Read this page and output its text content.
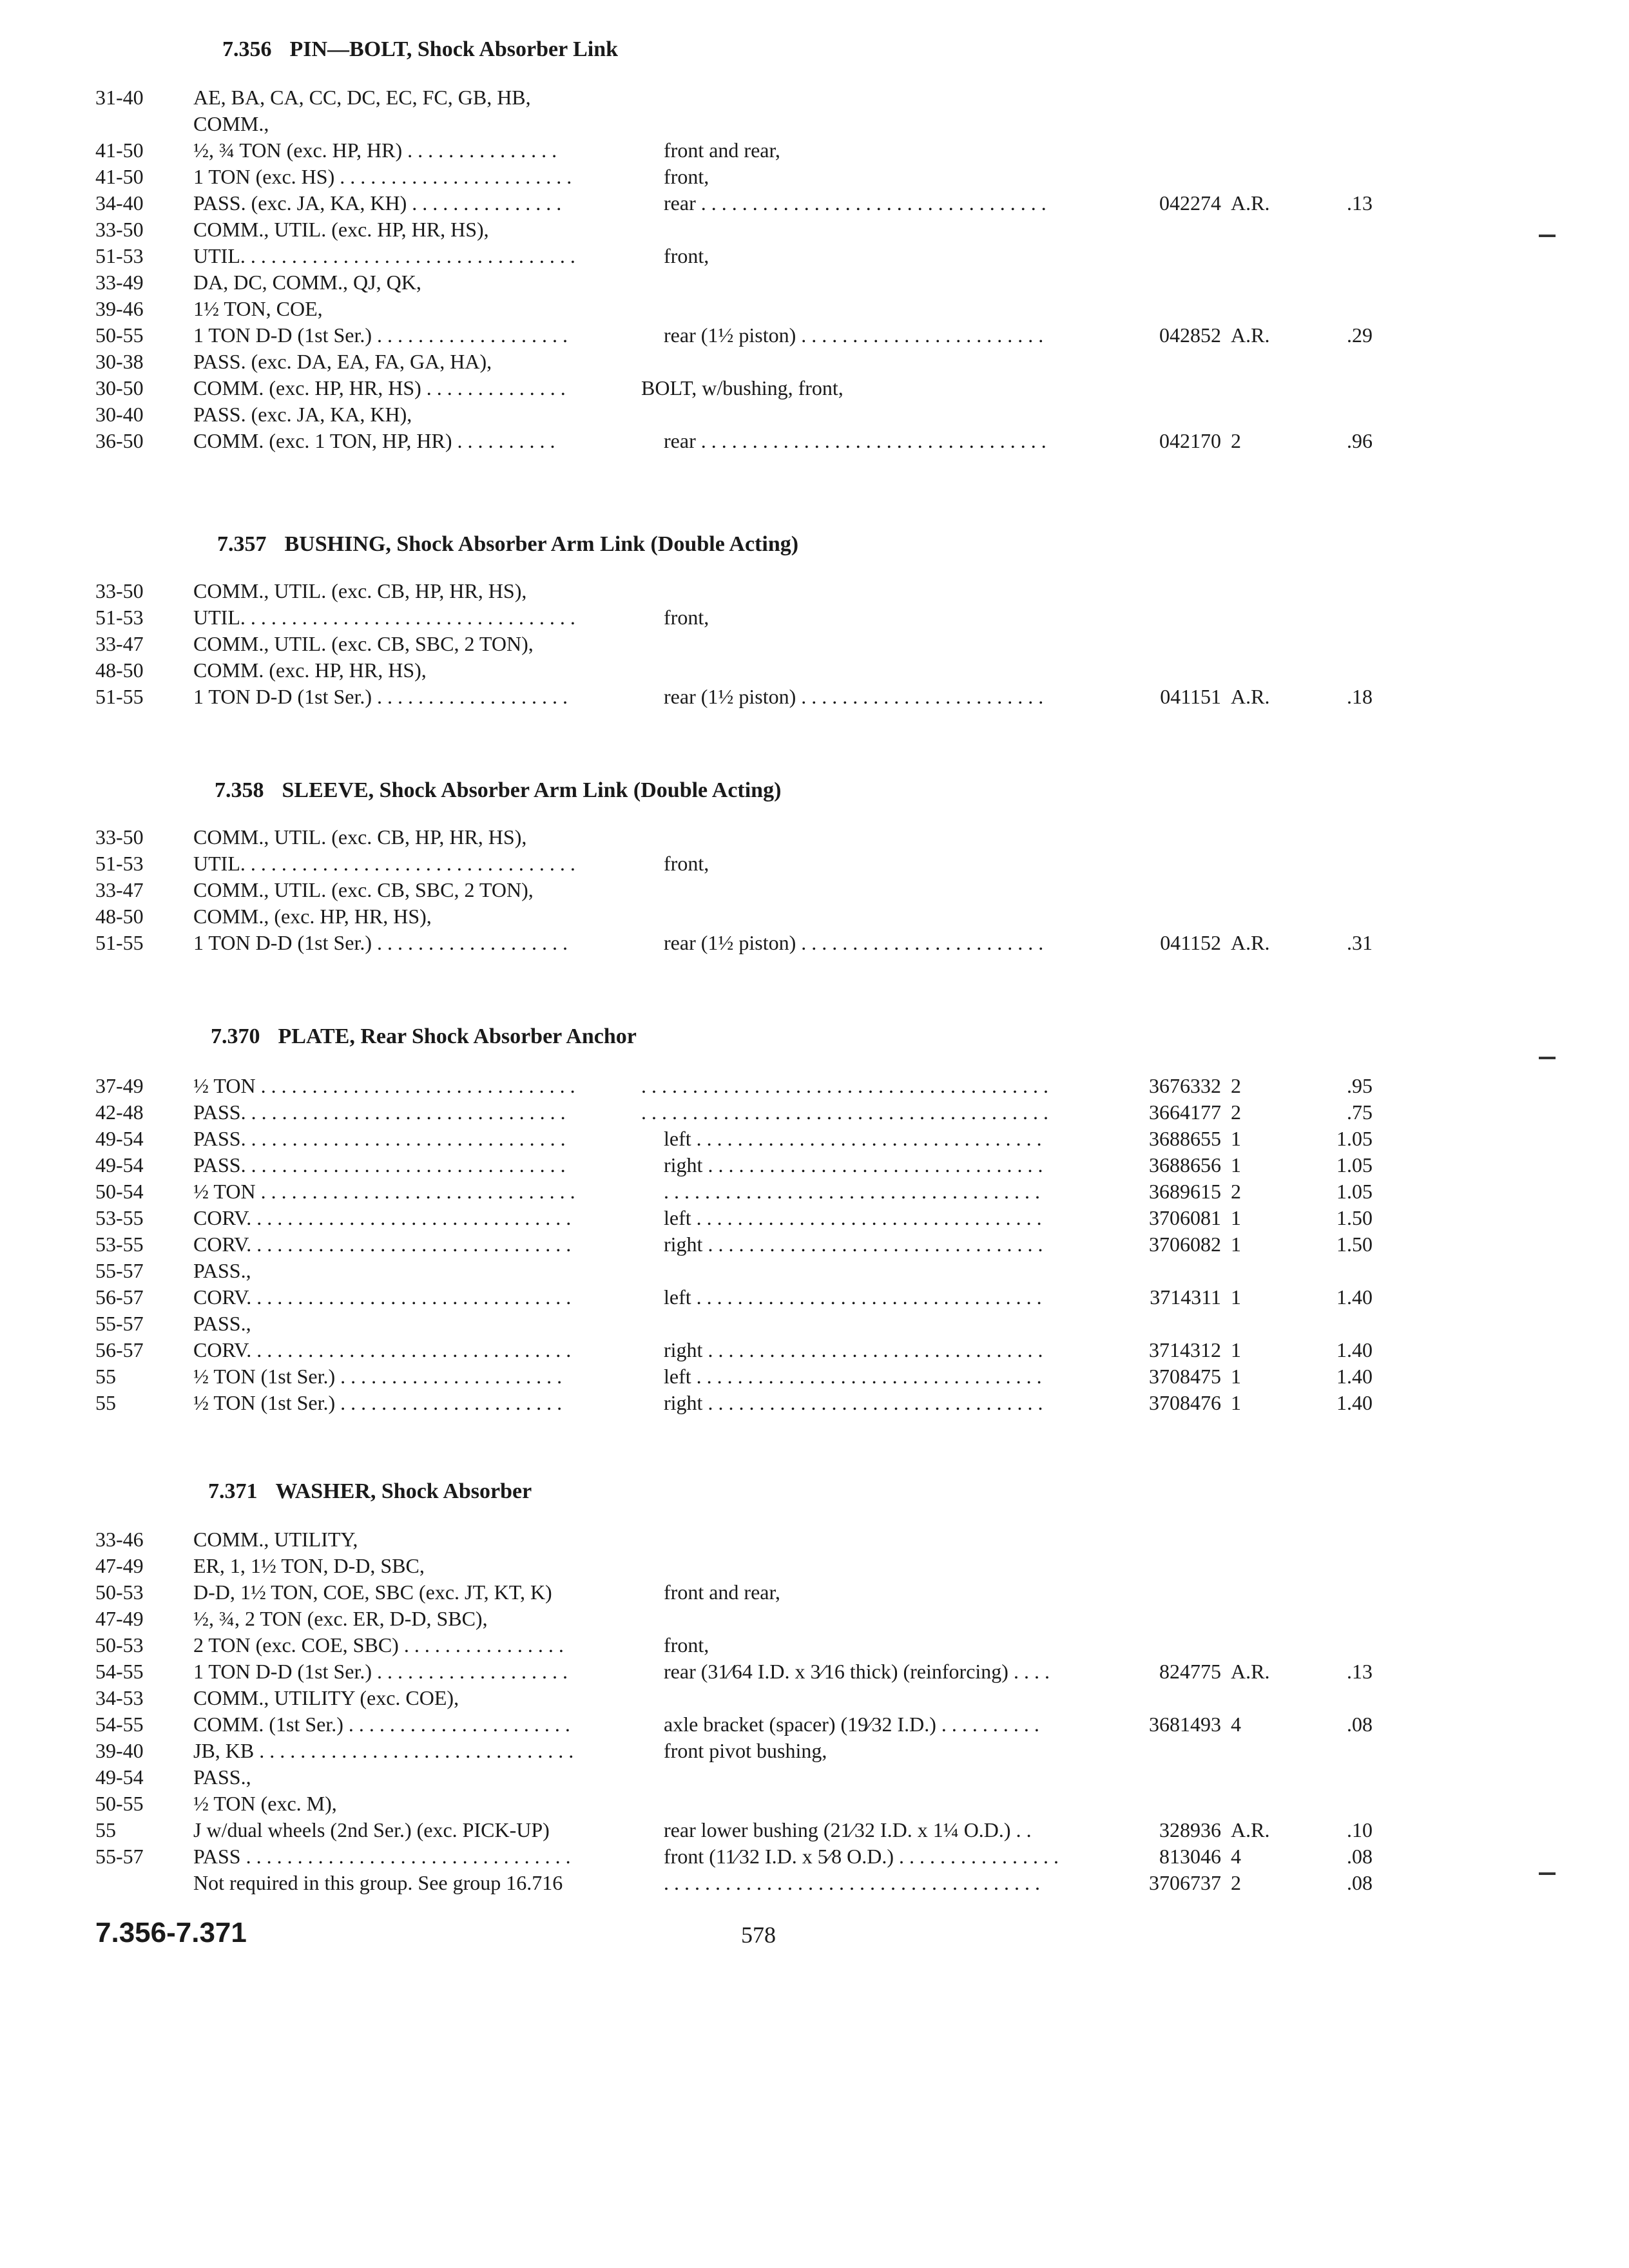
7.356 PIN—BOLT, Shock Absorber Link
31-40 AE, BA, CA, CC, DC, EC, FC, GB, HB,
COMM.,
41-50 ½, ¾ TON (exc. HP, HR) . . . . . . . . . . . . . . .	front and rear,
41-50 1 TON (exc. HS) . . . . . . . . . . . . . . . . . . . . . . .	front,
34-40 PASS. (exc. JA, KA, KH) . . . . . . . . . . . . . . .	rear . . . . . . . . . . . . . . . . . . . . . . . . . . . . . . . . . .	042274 A.R.	.13
33-50 COMM., UTIL. (exc. HP, HR, HS),
51-53 UTIL. . . . . . . . . . . . . . . . . . . . . . . . . . . . . . . . .	front,
33-49 DA, DC, COMM., QJ, QK,
39-46 1½ TON, COE,
50-55 1 TON D-D (1st Ser.) . . . . . . . . . . . . . . . . . . .	rear (1½ piston) . . . . . . . . . . . . . . . . . . . . . . . .	042852 A.R.	.29
30-38 PASS. (exc. DA, EA, FA, GA, HA),
30-50 COMM. (exc. HP, HR, HS) . . . . . . . . . . . . . .	BOLT, w/bushing, front,
30-40 PASS. (exc. JA, KA, KH),
36-50 COMM. (exc. 1 TON, HP, HR) . . . . . . . . . .	rear . . . . . . . . . . . . . . . . . . . . . . . . . . . . . . . . . .	042170 2	.96
7.357 BUSHING, Shock Absorber Arm Link (Double Acting)
33-50 COMM., UTIL. (exc. CB, HP, HR, HS),
51-53 UTIL. . . . . . . . . . . . . . . . . . . . . . . . . . . . . . . . .	front,
33-47 COMM., UTIL. (exc. CB, SBC, 2 TON),
48-50 COMM. (exc. HP, HR, HS),
51-55 1 TON D-D (1st Ser.) . . . . . . . . . . . . . . . . . . .	rear (1½ piston) . . . . . . . . . . . . . . . . . . . . . . . .	041151 A.R.	.18
7.358 SLEEVE, Shock Absorber Arm Link (Double Acting)
33-50 COMM., UTIL. (exc. CB, HP, HR, HS),
51-53 UTIL. . . . . . . . . . . . . . . . . . . . . . . . . . . . . . . . .	front,
33-47 COMM., UTIL. (exc. CB, SBC, 2 TON),
48-50 COMM., (exc. HP, HR, HS),
51-55 1 TON D-D (1st Ser.) . . . . . . . . . . . . . . . . . . .	rear (1½ piston) . . . . . . . . . . . . . . . . . . . . . . . .	041152 A.R.	.31
7.370 PLATE, Rear Shock Absorber Anchor
37-49 ½ TON . . . . . . . . . . . . . . . . . . . . . . . . . . . . . . .	. . . . . . . . . . . . . . . . . . . . . . . . . . . . . . . . . . . . . . . .	3676332 2	.95
42-48 PASS. . . . . . . . . . . . . . . . . . . . . . . . . . . . . . . .	. . . . . . . . . . . . . . . . . . . . . . . . . . . . . . . . . . . . . . . .	3664177 2	.75
49-54 PASS. . . . . . . . . . . . . . . . . . . . . . . . . . . . . . . .	left . . . . . . . . . . . . . . . . . . . . . . . . . . . . . . . . . .	3688655 1	1.05
49-54 PASS. . . . . . . . . . . . . . . . . . . . . . . . . . . . . . . .	right . . . . . . . . . . . . . . . . . . . . . . . . . . . . . . . . .	3688656 1	1.05
50-54 ½ TON . . . . . . . . . . . . . . . . . . . . . . . . . . . . . . .	. . . . . . . . . . . . . . . . . . . . . . . . . . . . . . . . . . . . .	3689615 2	1.05
53-55 CORV. . . . . . . . . . . . . . . . . . . . . . . . . . . . . . . .	left . . . . . . . . . . . . . . . . . . . . . . . . . . . . . . . . . .	3706081 1	1.50
53-55 CORV. . . . . . . . . . . . . . . . . . . . . . . . . . . . . . . .	right . . . . . . . . . . . . . . . . . . . . . . . . . . . . . . . . .	3706082 1	1.50
55-57 PASS.,
56-57 CORV. . . . . . . . . . . . . . . . . . . . . . . . . . . . . . . .	left . . . . . . . . . . . . . . . . . . . . . . . . . . . . . . . . . .	3714311 1	1.40
55-57 PASS.,
56-57 CORV. . . . . . . . . . . . . . . . . . . . . . . . . . . . . . . .	right . . . . . . . . . . . . . . . . . . . . . . . . . . . . . . . . .	3714312 1	1.40
55	½ TON (1st Ser.) . . . . . . . . . . . . . . . . . . . . . .	left . . . . . . . . . . . . . . . . . . . . . . . . . . . . . . . . . .	3708475 1	1.40
55	½ TON (1st Ser.) . . . . . . . . . . . . . . . . . . . . . .	right . . . . . . . . . . . . . . . . . . . . . . . . . . . . . . . . .	3708476 1	1.40
7.371 WASHER, Shock Absorber
33-46 COMM., UTILITY,
47-49 ER, 1, 1½ TON, D-D, SBC,
50-53 D-D, 1½ TON, COE, SBC (exc. JT, KT, K)	front and rear,
47-49 ½, ¾, 2 TON (exc. ER, D-D, SBC),
50-53 2 TON (exc. COE, SBC) . . . . . . . . . . . . . . . .	front,
54-55 1 TON D-D (1st Ser.) . . . . . . . . . . . . . . . . . . .	rear (31⁄64 I.D. x 3⁄16 thick) (reinforcing) . . . .	824775 A.R.	.13
34-53 COMM., UTILITY (exc. COE),
54-55 COMM. (1st Ser.) . . . . . . . . . . . . . . . . . . . . . .	axle bracket (spacer) (19⁄32 I.D.) . . . . . . . . . .	3681493 4	.08
39-40 JB, KB . . . . . . . . . . . . . . . . . . . . . . . . . . . . . . .	front pivot bushing,
49-54 PASS.,
50-55 ½ TON (exc. M),
55	J w/dual wheels (2nd Ser.) (exc. PICK-UP)	rear lower bushing (21⁄32 I.D. x 1¼ O.D.) . .	328936 A.R.	.10
55-57 PASS . . . . . . . . . . . . . . . . . . . . . . . . . . . . . . . .	front (11⁄32 I.D. x 5⁄8 O.D.) . . . . . . . . . . . . . . . .	813046 4	.08
Not required in this group. See group 16.716	. . . . . . . . . . . . . . . . . . . . . . . . . . . . . . . . . . . . .	3706737 2	.08
7.356-7.371	578
